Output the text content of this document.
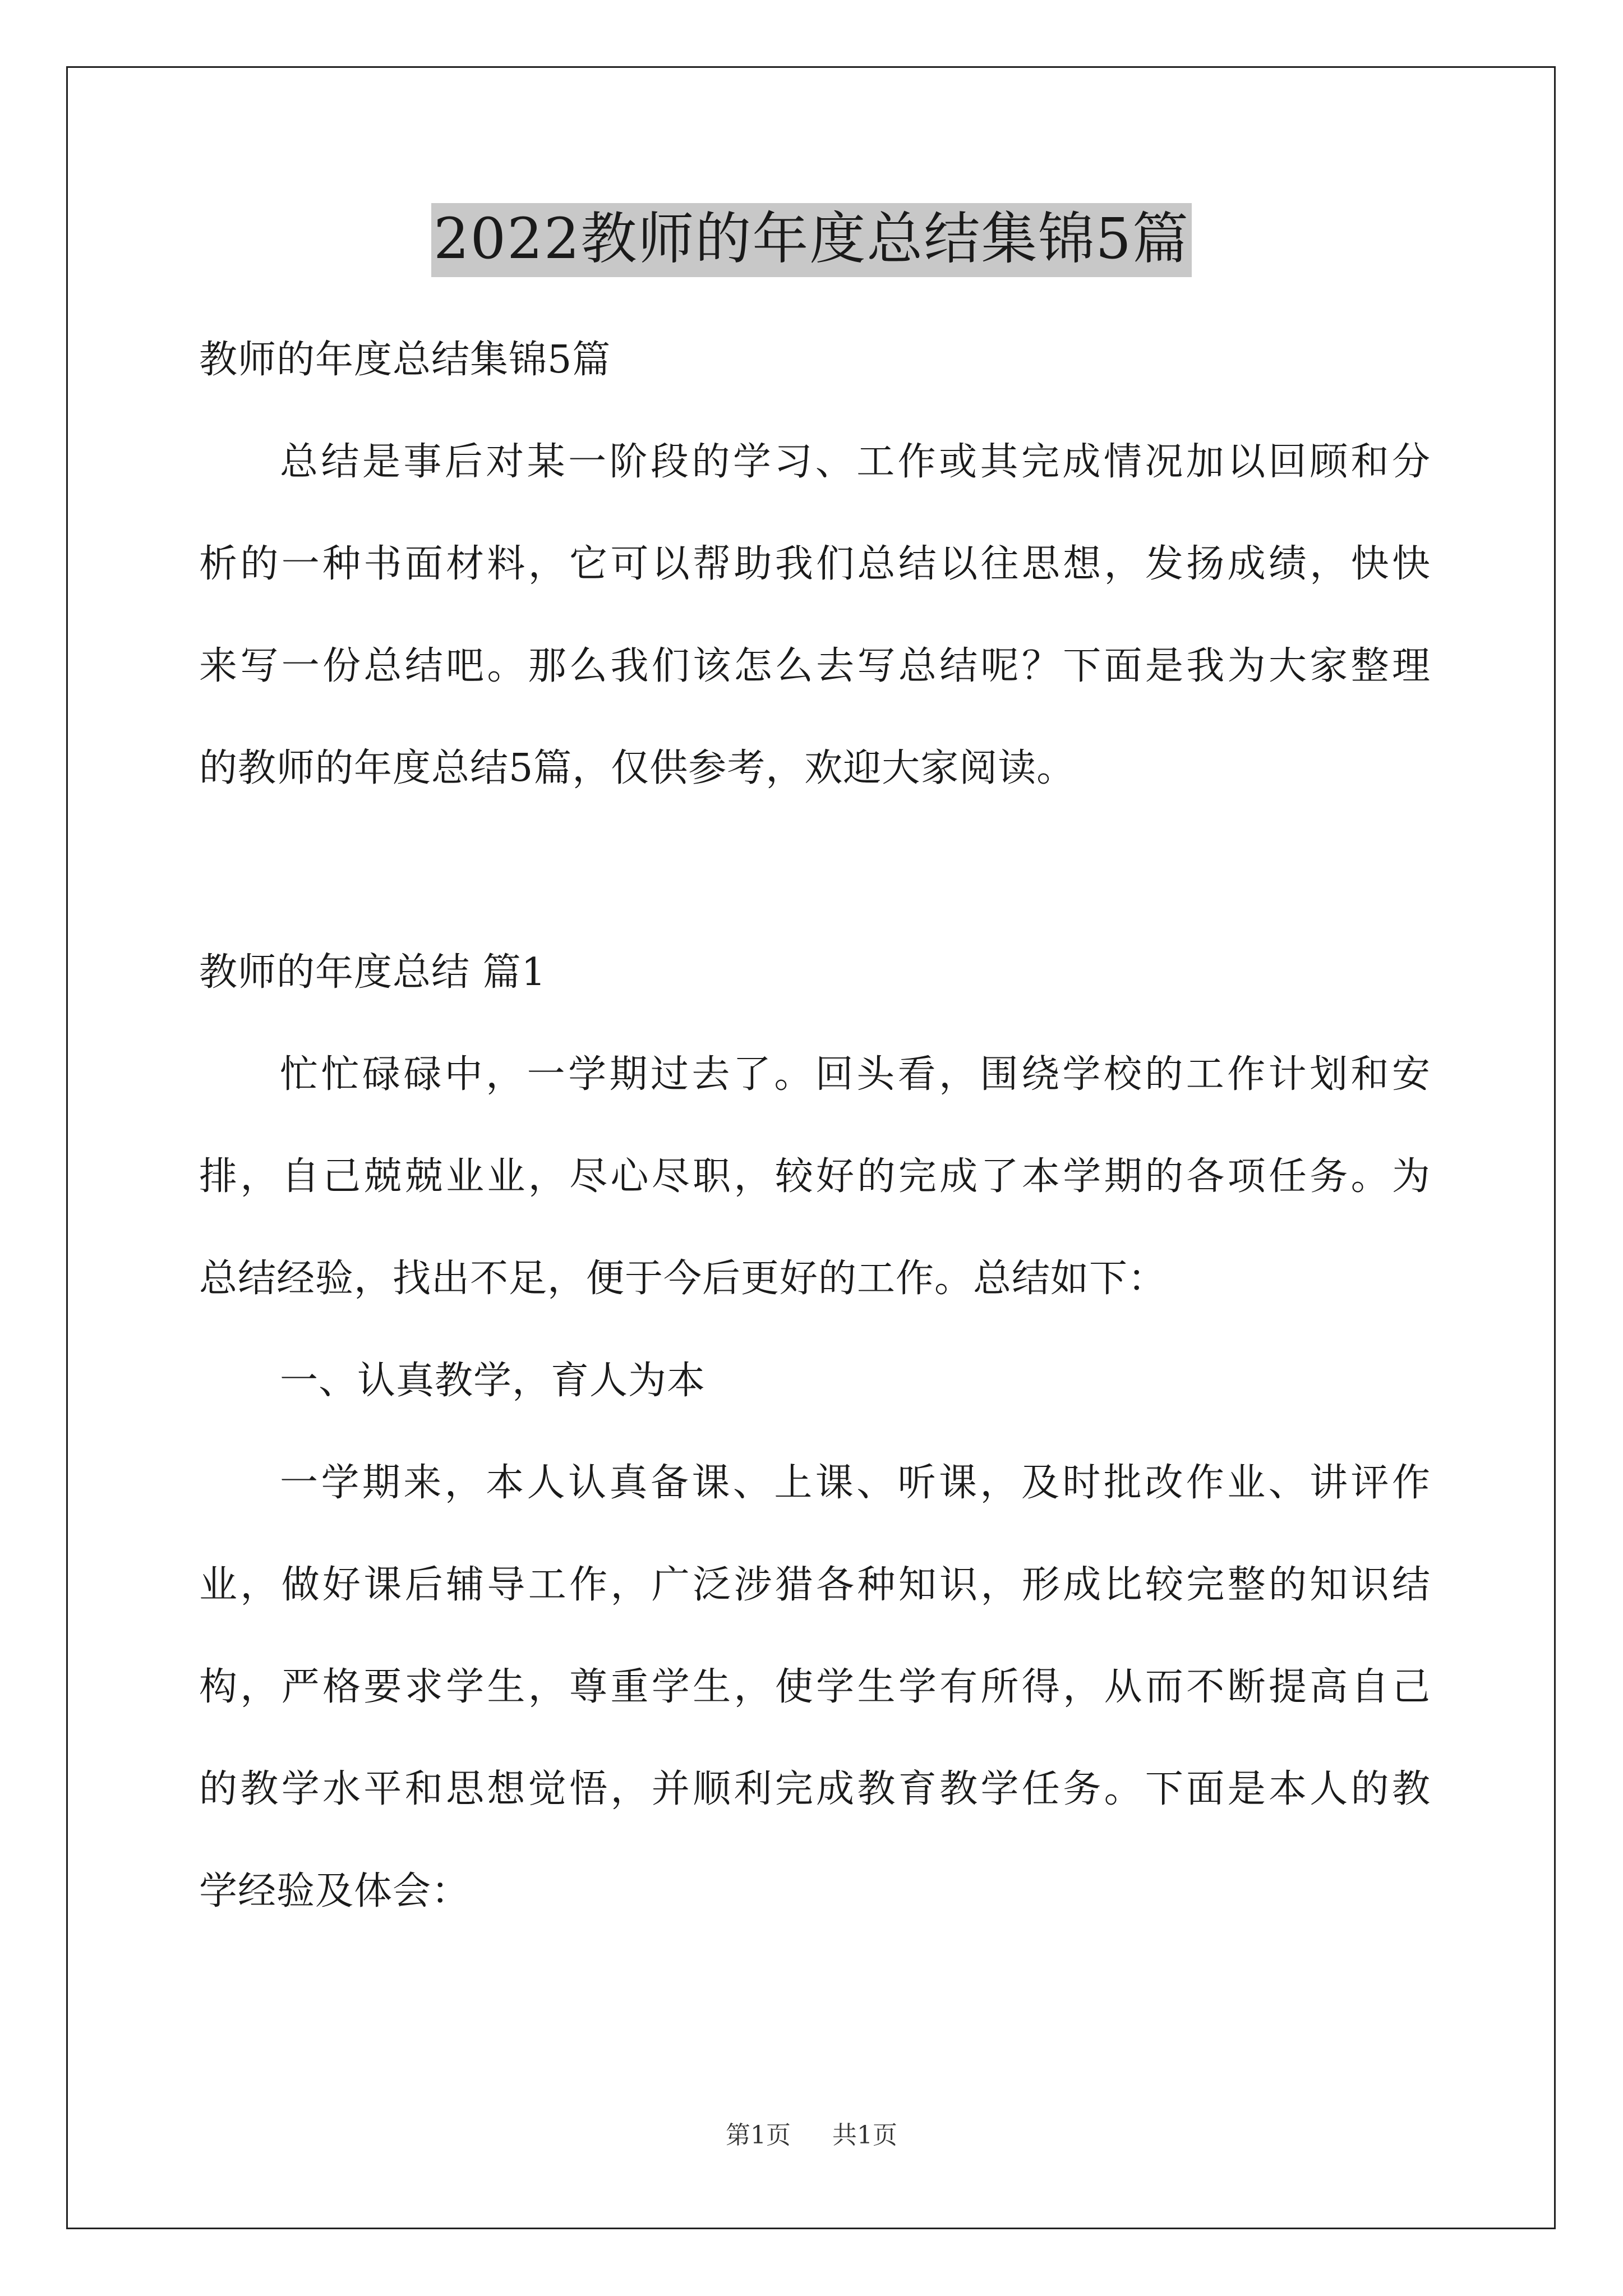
2022教师的年度总结集锦5篇
教师的年度总结集锦5篇
总结是事后对某一阶段的学习、工作或其完成情况加以回顾和分
析的一种书面材料，它可以帮助我们总结以往思想，发扬成绩，快快
来写一份总结吧。那么我们该怎么去写总结呢？下面是我为大家整理
的教师的年度总结5篇，仅供参考，欢迎大家阅读。
教师的年度总结 篇1
忙忙碌碌中，一学期过去了。回头看，围绕学校的工作计划和安
排，自己兢兢业业，尽心尽职，较好的完成了本学期的各项任务。为
总结经验，找出不足，便于今后更好的工作。总结如下：
一、认真教学，育人为本
一学期来，本人认真备课、上课、听课，及时批改作业、讲评作
业，做好课后辅导工作，广泛涉猎各种知识，形成比较完整的知识结
构，严格要求学生，尊重学生，使学生学有所得，从而不断提高自己
的教学水平和思想觉悟，并顺利完成教育教学任务。下面是本人的教
学经验及体会：
第1页 共1页
